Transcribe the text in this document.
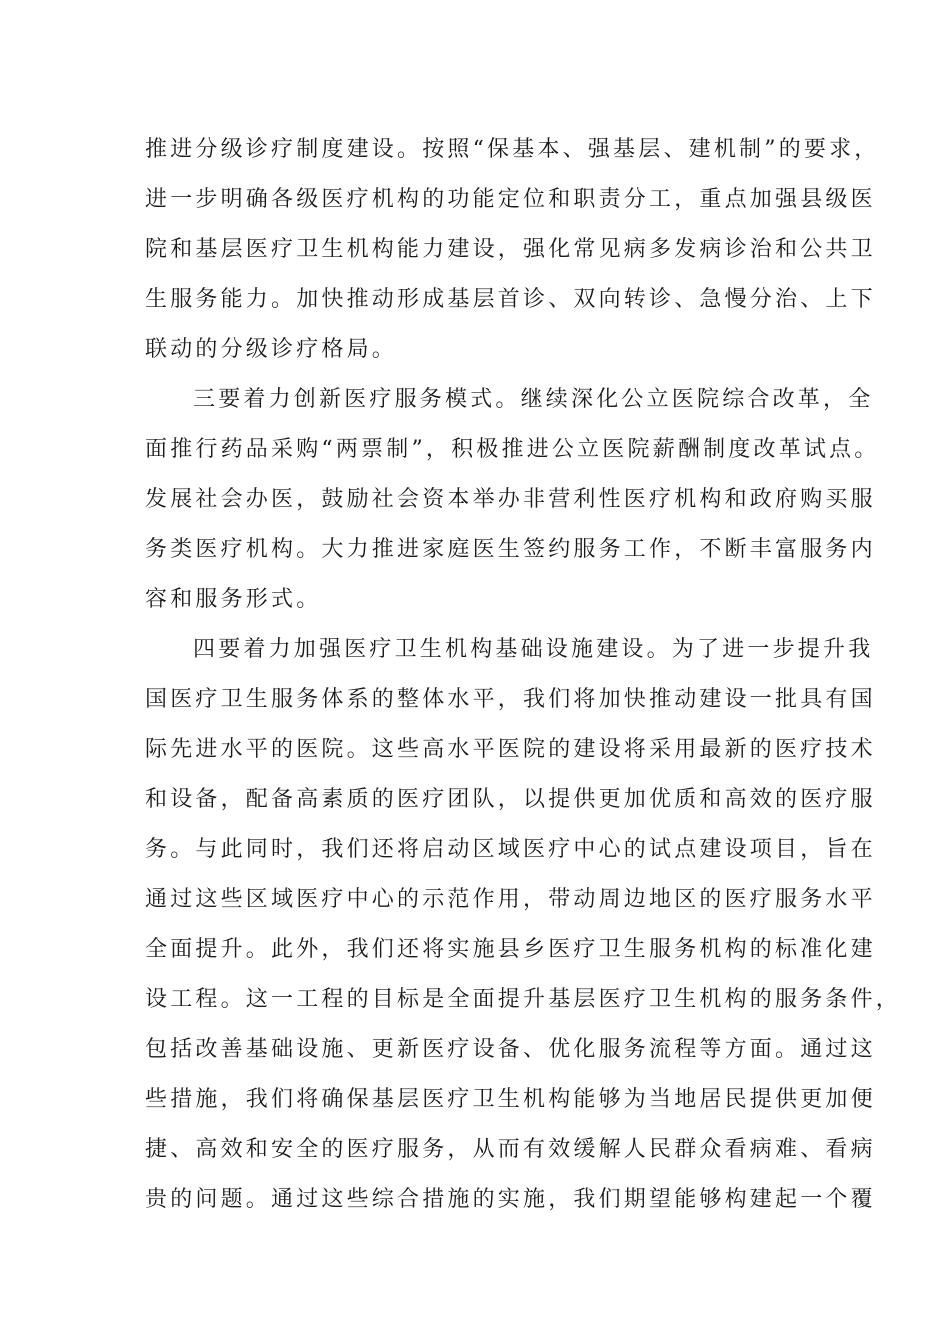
推进分级诊疗制度建设。按照“保基本、强基层、建机制”的要求，
进一步明确各级医疗机构的功能定位和职责分工，重点加强县级医
院和基层医疗卫生机构能力建设，强化常见病多发病诊治和公共卫
生服务能力。加快推动形成基层首诊、双向转诊、急慢分治、上下
联动的分级诊疗格局。
三要着力创新医疗服务模式。继续深化公立医院综合改革，全
面推行药品采购“两票制”，积极推进公立医院薪酬制度改革试点。
发展社会办医，鼓励社会资本举办非营利性医疗机构和政府购买服
务类医疗机构。大力推进家庭医生签约服务工作，不断丰富服务内
容和服务形式。
四要着力加强医疗卫生机构基础设施建设。为了进一步提升我
国医疗卫生服务体系的整体水平，我们将加快推动建设一批具有国
际先进水平的医院。这些高水平医院的建设将采用最新的医疗技术
和设备，配备高素质的医疗团队，以提供更加优质和高效的医疗服
务。与此同时，我们还将启动区域医疗中心的试点建设项目，旨在
通过这些区域医疗中心的示范作用，带动周边地区的医疗服务水平
全面提升。此外，我们还将实施县乡医疗卫生服务机构的标准化建
设工程。这一工程的目标是全面提升基层医疗卫生机构的服务条件，
包括改善基础设施、更新医疗设备、优化服务流程等方面。通过这
些措施，我们将确保基层医疗卫生机构能够为当地居民提供更加便
捷、高效和安全的医疗服务，从而有效缓解人民群众看病难、看病
贵的问题。通过这些综合措施的实施，我们期望能够构建起一个覆
